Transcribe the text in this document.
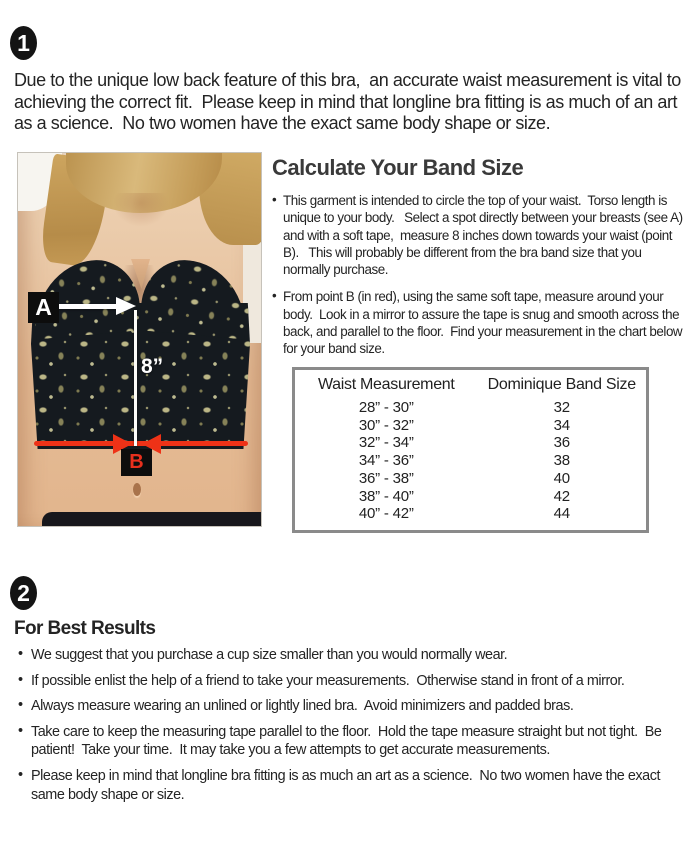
1

Due to the unique low back feature of this bra,  an accurate waist measurement is vital to achieving the correct fit.  Please keep in mind that longline bra fitting is as much of an art as a science.  No two women have the exact same body shape or size.

A
8”
B
Calculate Your Band Size
• This garment is intended to circle the top of your waist.  Torso length is unique to your body.   Select a spot directly between your breasts (see A) and with a soft tape,  measure 8 inches down towards your waist (point B).   This will probably be different from the bra band size that you normally purchase.
• From point B (in red), using the same soft tape, measure around your body.  Look in a mirror to assure the tape is snug and smooth across the back, and parallel to the floor.  Find your measurement in the chart below for your band size.
Waist Measurement	Dominique Band Size
28” - 30”	32
30” - 32”	34
32” - 34”	36
34” - 36”	38
36” - 38”	40
38” - 40”	42
40” - 42”	44
2
For Best Results
• We suggest that you purchase a cup size smaller than you would normally wear.
• If possible enlist the help of a friend to take your measurements.  Otherwise stand in front of a mirror.
• Always measure wearing an unlined or lightly lined bra.  Avoid minimizers and padded bras.
• Take care to keep the measuring tape parallel to the floor.  Hold the tape measure straight but not tight.  Be patient!  Take your time.  It may take you a few attempts to get accurate measurements.
• Please keep in mind that longline bra fitting is as much an art as a science.  No two women have the exact same body shape or size.
